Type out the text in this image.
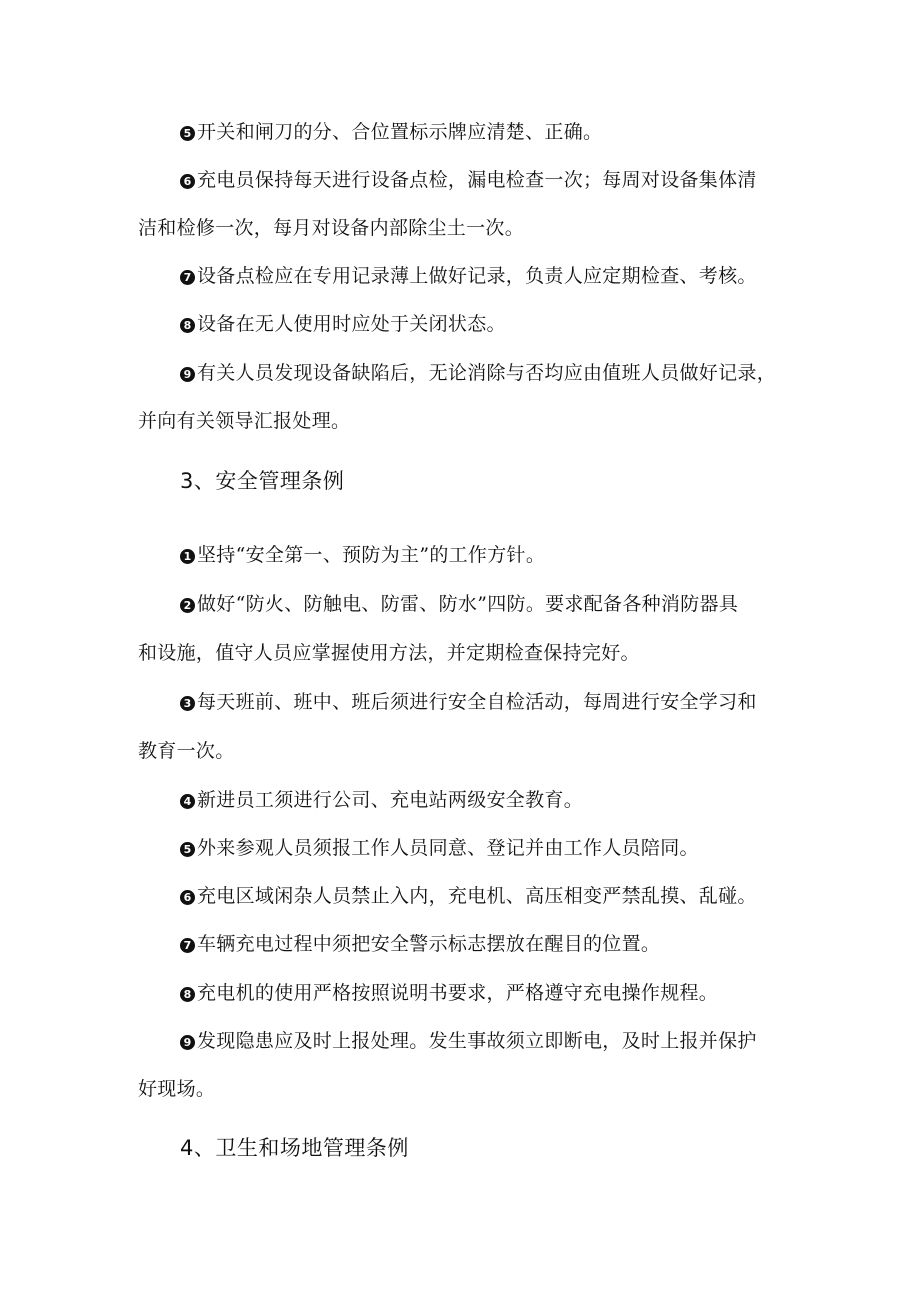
5 开关和闸刀的分、合位置标示牌应清楚、正确。
6 充电员保持每天进行设备点检，漏电检查一次；每周对设备集体清
洁和检修一次，每月对设备内部除尘土一次。
7 设备点检应在专用记录薄上做好记录，负责人应定期检查、考核。
8 设备在无人使用时应处于关闭状态。
9 有关人员发现设备缺陷后，无论消除与否均应由值班人员做好记录，
并向有关领导汇报处理。
3、安全管理条例
1 坚持“安全第一、预防为主”的工作方针。
2 做好“防火、防触电、防雷、防水”四防。要求配备各种消防器具
和设施，值守人员应掌握使用方法，并定期检查保持完好。
3 每天班前、班中、班后须进行安全自检活动，每周进行安全学习和
教育一次。
4 新进员工须进行公司、充电站两级安全教育。
5 外来参观人员须报工作人员同意、登记并由工作人员陪同。
6 充电区域闲杂人员禁止入内，充电机、高压相变严禁乱摸、乱碰。
7 车辆充电过程中须把安全警示标志摆放在醒目的位置。
8 充电机的使用严格按照说明书要求，严格遵守充电操作规程。
9 发现隐患应及时上报处理。发生事故须立即断电，及时上报并保护
好现场。
4、卫生和场地管理条例
